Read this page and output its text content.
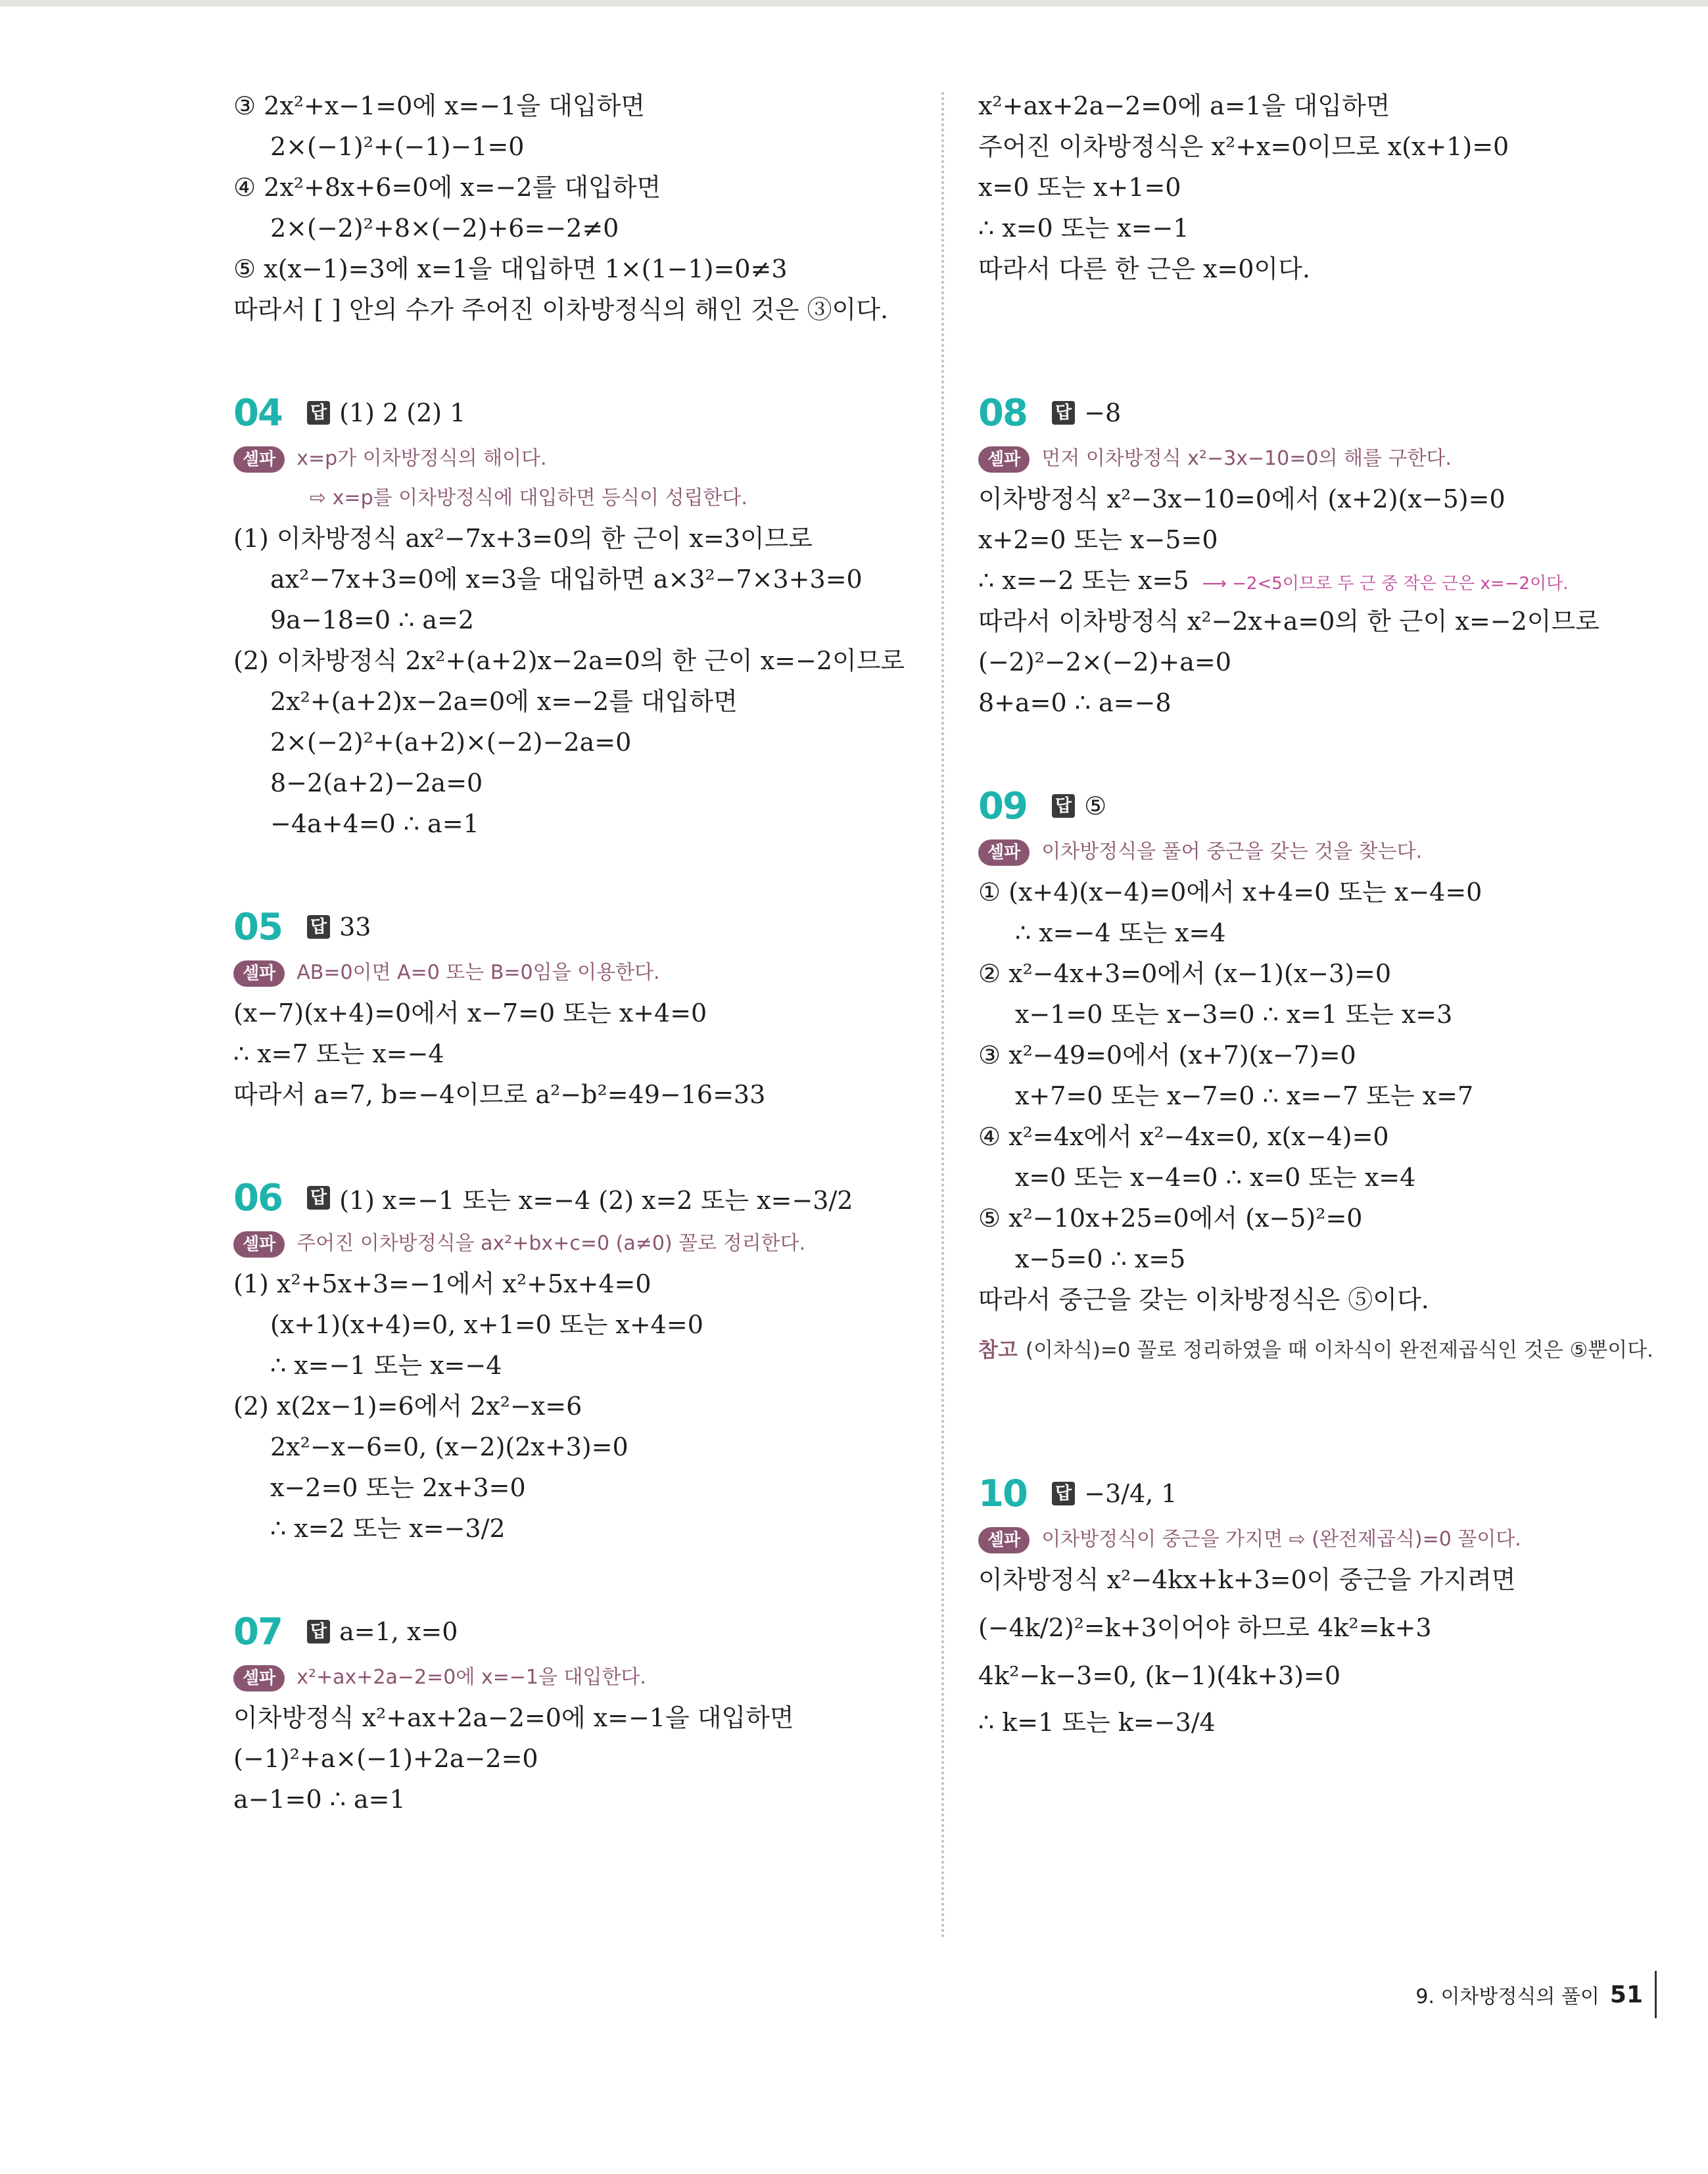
③ 2x²+x−1=0에 x=−1을 대입하면
2×(−1)²+(−1)−1=0
④ 2x²+8x+6=0에 x=−2를 대입하면
2×(−2)²+8×(−2)+6=−2≠0
⑤ x(x−1)=3에 x=1을 대입하면 1×(1−1)=0≠3
따라서 [ ] 안의 수가 주어진 이차방정식의 해인 것은 ③이다.
04	답 (1) 2 (2) 1
셀파 x=p가 이차방정식의 해이다.
⇨ x=p를 이차방정식에 대입하면 등식이 성립한다.
(1) 이차방정식 ax²−7x+3=0의 한 근이 x=3이므로
ax²−7x+3=0에 x=3을 대입하면 a×3²−7×3+3=0
9a−18=0 ∴ a=2
(2) 이차방정식 2x²+(a+2)x−2a=0의 한 근이 x=−2이므로
2x²+(a+2)x−2a=0에 x=−2를 대입하면
2×(−2)²+(a+2)×(−2)−2a=0
8−2(a+2)−2a=0
−4a+4=0 ∴ a=1
05	답 33
셀파 AB=0이면 A=0 또는 B=0임을 이용한다.
(x−7)(x+4)=0에서 x−7=0 또는 x+4=0
∴ x=7 또는 x=−4
따라서 a=7, b=−4이므로 a²−b²=49−16=33
06	답 (1) x=−1 또는 x=−4 (2) x=2 또는 x=−3/2
셀파 주어진 이차방정식을 ax²+bx+c=0 (a≠0) 꼴로 정리한다.
(1) x²+5x+3=−1에서 x²+5x+4=0
(x+1)(x+4)=0, x+1=0 또는 x+4=0
∴ x=−1 또는 x=−4
(2) x(2x−1)=6에서 2x²−x=6
2x²−x−6=0, (x−2)(2x+3)=0
x−2=0 또는 2x+3=0
∴ x=2 또는 x=−3/2
07	답 a=1, x=0
셀파 x²+ax+2a−2=0에 x=−1을 대입한다.
이차방정식 x²+ax+2a−2=0에 x=−1을 대입하면
(−1)²+a×(−1)+2a−2=0
a−1=0 ∴ a=1
x²+ax+2a−2=0에 a=1을 대입하면
주어진 이차방정식은 x²+x=0이므로 x(x+1)=0
x=0 또는 x+1=0
∴ x=0 또는 x=−1
따라서 다른 한 근은 x=0이다.
08	답 −8
셀파 먼저 이차방정식 x²−3x−10=0의 해를 구한다.
이차방정식 x²−3x−10=0에서 (x+2)(x−5)=0
x+2=0 또는 x−5=0
∴ x=−2 또는 x=5 ⟶ −2<5이므로 두 근 중 작은 근은 x=−2이다.
따라서 이차방정식 x²−2x+a=0의 한 근이 x=−2이므로
(−2)²−2×(−2)+a=0
8+a=0 ∴ a=−8
09	답 ⑤
셀파 이차방정식을 풀어 중근을 갖는 것을 찾는다.
① (x+4)(x−4)=0에서 x+4=0 또는 x−4=0
∴ x=−4 또는 x=4
② x²−4x+3=0에서 (x−1)(x−3)=0
x−1=0 또는 x−3=0 ∴ x=1 또는 x=3
③ x²−49=0에서 (x+7)(x−7)=0
x+7=0 또는 x−7=0 ∴ x=−7 또는 x=7
④ x²=4x에서 x²−4x=0, x(x−4)=0
x=0 또는 x−4=0 ∴ x=0 또는 x=4
⑤ x²−10x+25=0에서 (x−5)²=0
x−5=0 ∴ x=5
따라서 중근을 갖는 이차방정식은 ⑤이다.
참고 (이차식)=0 꼴로 정리하였을 때 이차식이 완전제곱식인 것은 ⑤뿐이다.
10	답 −3/4, 1
셀파 이차방정식이 중근을 가지면 ⇨ (완전제곱식)=0 꼴이다.
이차방정식 x²−4kx+k+3=0이 중근을 가지려면
(−4k/2)²=k+3이어야 하므로 4k²=k+3
4k²−k−3=0, (k−1)(4k+3)=0
∴ k=1 또는 k=−3/4
9. 이차방정식의 풀이 51
